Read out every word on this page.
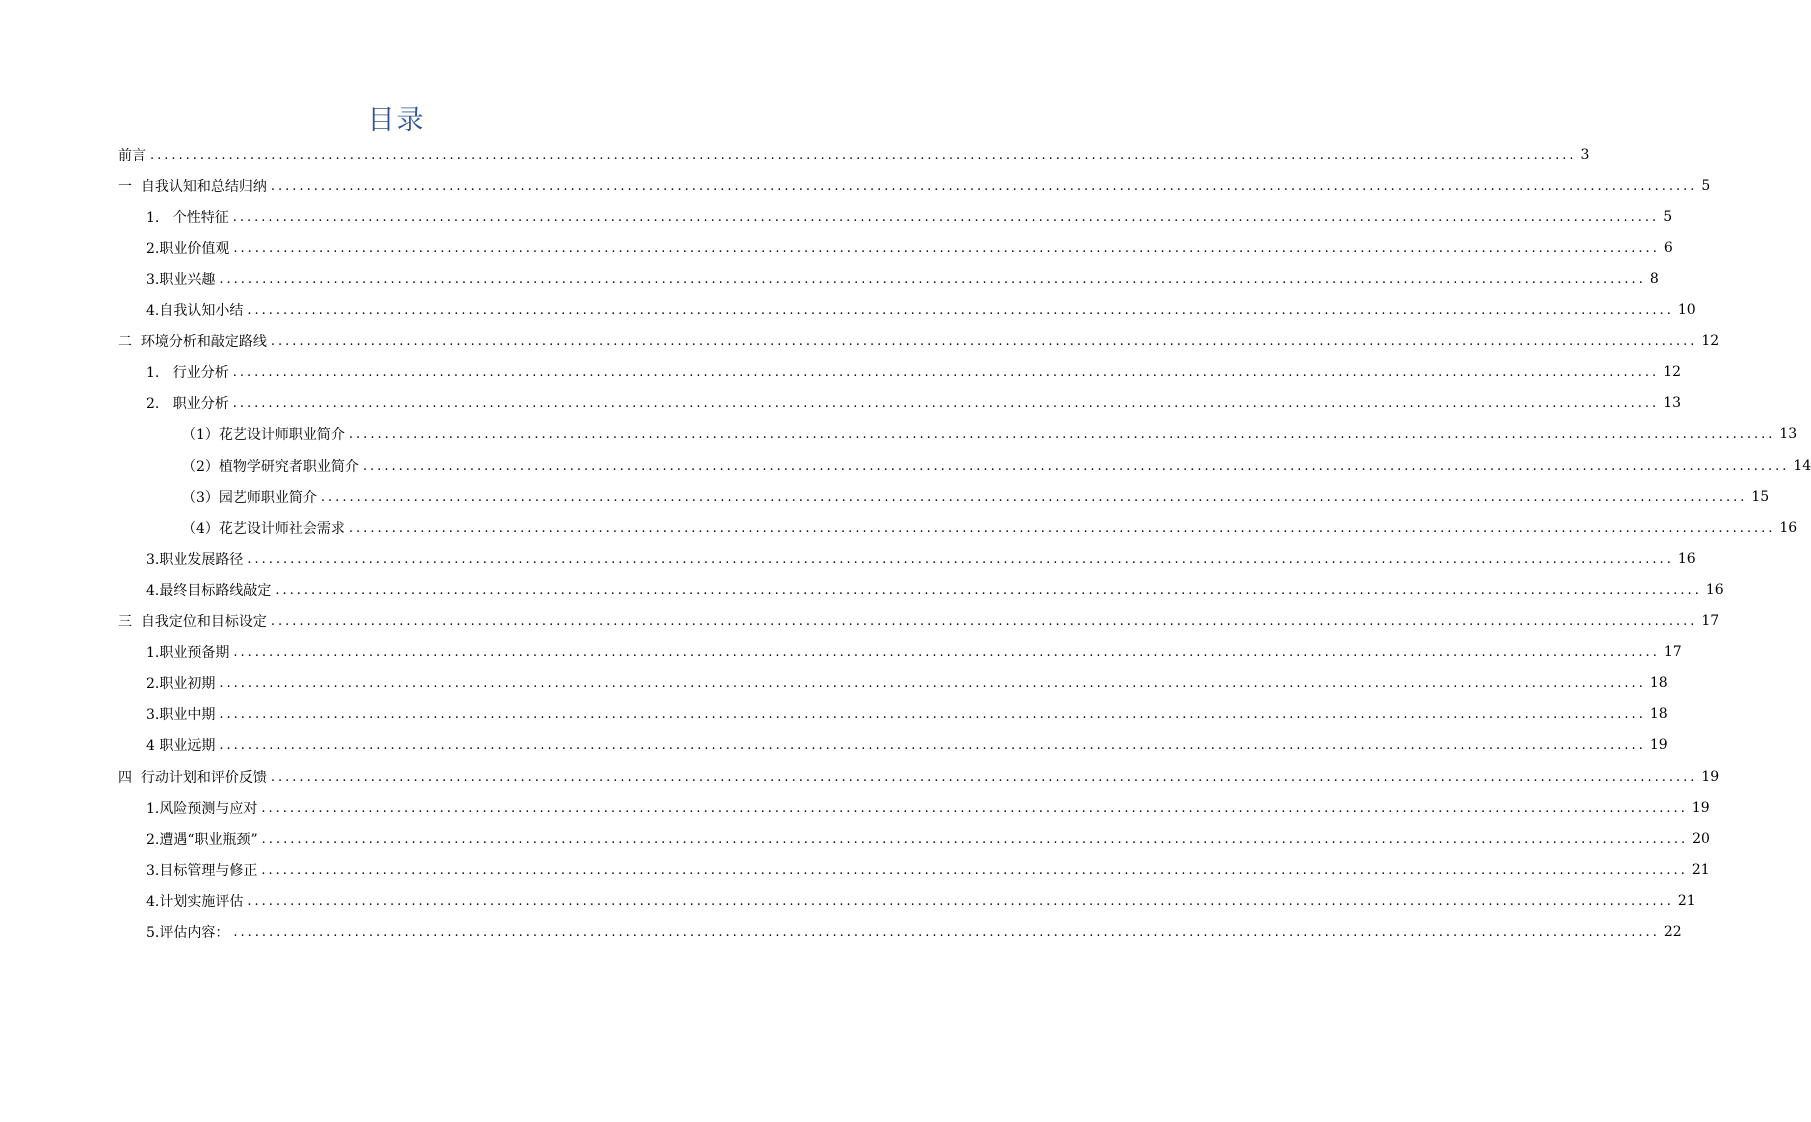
目录
前言 ........................................................................................................................................................................................................ 3
一  自我认知和总结归纳 ........................................................................................................................................................................................................ 5
1.   个性特征 ........................................................................................................................................................................................................ 5
2.职业价值观 ........................................................................................................................................................................................................ 6
3.职业兴趣 ........................................................................................................................................................................................................ 8
4.自我认知小结 ........................................................................................................................................................................................................ 10
二  环境分析和敲定路线 ........................................................................................................................................................................................................ 12
1.   行业分析 ........................................................................................................................................................................................................ 12
2.   职业分析 ........................................................................................................................................................................................................ 13
（1）花艺设计师职业简介 ........................................................................................................................................................................................................ 13
（2）植物学研究者职业简介 ........................................................................................................................................................................................................ 14
（3）园艺师职业简介 ........................................................................................................................................................................................................ 15
（4）花艺设计师社会需求 ........................................................................................................................................................................................................ 16
3.职业发展路径 ........................................................................................................................................................................................................ 16
4.最终目标路线敲定 ........................................................................................................................................................................................................ 16
三  自我定位和目标设定 ........................................................................................................................................................................................................ 17
1.职业预备期 ........................................................................................................................................................................................................ 17
2.职业初期 ........................................................................................................................................................................................................ 18
3.职业中期 ........................................................................................................................................................................................................ 18
4 职业远期 ........................................................................................................................................................................................................ 19
四  行动计划和评价反馈 ........................................................................................................................................................................................................ 19
1.风险预测与应对 ........................................................................................................................................................................................................ 19
2.遭遇“职业瓶颈” ........................................................................................................................................................................................................ 20
3.目标管理与修正 ........................................................................................................................................................................................................ 21
4.计划实施评估 ........................................................................................................................................................................................................ 21
5.评估内容： ........................................................................................................................................................................................................ 22
